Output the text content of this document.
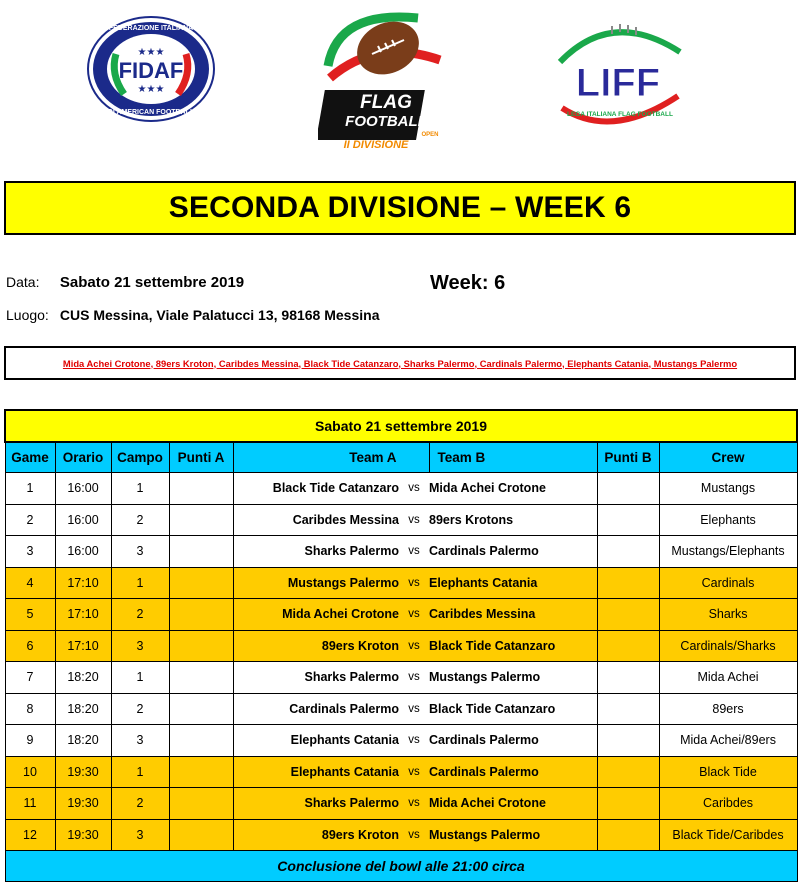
★★★
FIDAF
★★★
FEDERAZIONE ITALIANA
DI AMERICAN FOOTBALL	FLAG
FOOTBALL
OPEN
II DIVISIONE
LIFF
LEGA ITALIANA FLAG FOOTBALL
SECONDA DIVISIONE – WEEK 6
Data: Sabato 21 settembre 2019	Week: 6
Luogo: CUS Messina, Viale Palatucci 13, 98168 Messina
Mida Achei Crotone, 89ers Kroton, Caribdes Messina, Black Tide Catanzaro, Sharks Palermo, Cardinals Palermo, Elephants Catania, Mustangs Palermo
Sabato 21 settembre 2019								
Game	Orario	Campo	Punti A	Team A		Team B	Punti B	Crew
1	16:00	1		Black Tide Catanzaro	vs	Mida Achei Crotone		Mustangs
2	16:00	2		Caribdes Messina	vs	89ers Krotons		Elephants
3	16:00	3		Sharks Palermo	vs	Cardinals Palermo		Mustangs/Elephants
4	17:10	1		Mustangs Palermo	vs	Elephants Catania		Cardinals
5	17:10	2		Mida Achei Crotone	vs	Caribdes Messina		Sharks
6	17:10	3		89ers Kroton	vs	Black Tide Catanzaro		Cardinals/Sharks
7	18:20	1		Sharks Palermo	vs	Mustangs Palermo		Mida Achei
8	18:20	2		Cardinals Palermo	vs	Black Tide Catanzaro		89ers
9	18:20	3		Elephants Catania	vs	Cardinals Palermo		Mida Achei/89ers
10	19:30	1		Elephants Catania	vs	Cardinals Palermo		Black Tide
11	19:30	2		Sharks Palermo	vs	Mida Achei Crotone		Caribdes
12	19:30	3		89ers Kroton	vs	Mustangs Palermo		Black Tide/Caribdes
Conclusione del bowl alle 21:00 circa								
